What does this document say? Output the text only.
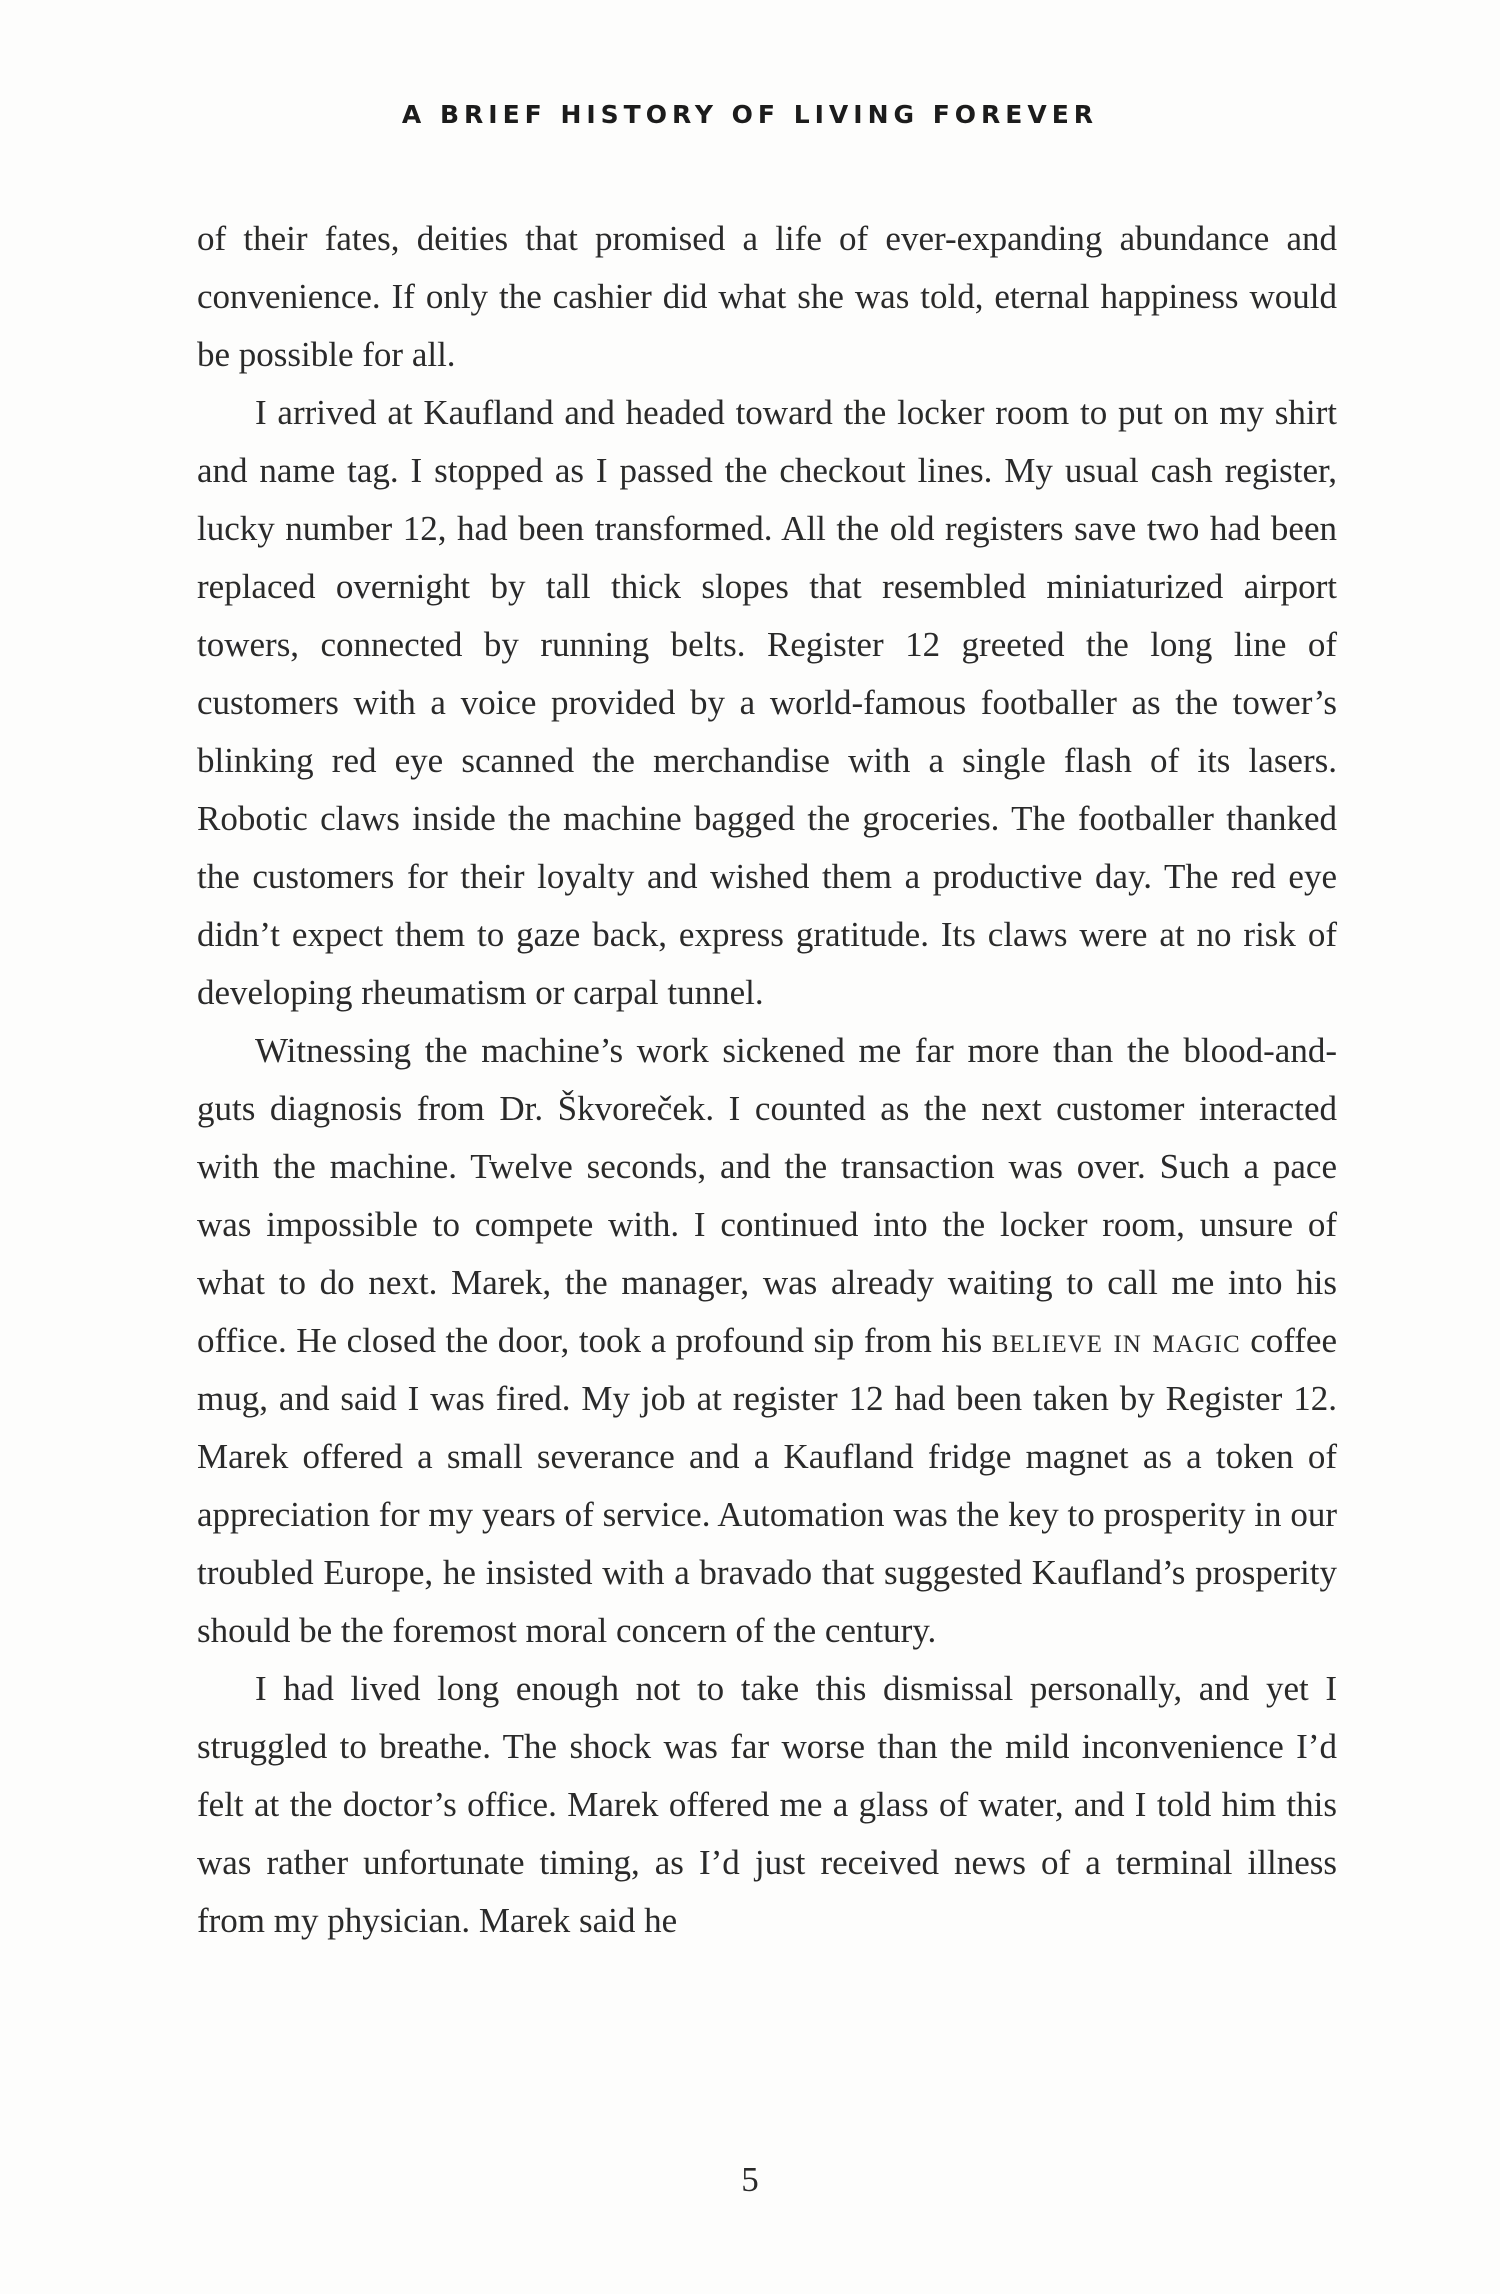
A BRIEF HISTORY OF LIVING FOREVER

of their fates, deities that promised a life of ever-expanding abundance and convenience. If only the cashier did what she was told, eternal happiness would be possible for all.

I arrived at Kaufland and headed toward the locker room to put on my shirt and name tag. I stopped as I passed the checkout lines. My usual cash register, lucky number 12, had been transformed. All the old registers save two had been replaced overnight by tall thick slopes that resembled miniaturized airport towers, connected by running belts. Register 12 greeted the long line of customers with a voice provided by a world-famous footballer as the tower’s blinking red eye scanned the merchandise with a single flash of its lasers. Robotic claws inside the machine bagged the groceries. The footballer thanked the customers for their loyalty and wished them a productive day. The red eye didn’t expect them to gaze back, express gratitude. Its claws were at no risk of developing rheumatism or carpal tunnel.

Witnessing the machine’s work sickened me far more than the blood-and-guts diagnosis from Dr. Škvoreček. I counted as the next customer interacted with the machine. Twelve seconds, and the transaction was over. Such a pace was impossible to compete with. I continued into the locker room, unsure of what to do next. Marek, the manager, was already waiting to call me into his office. He closed the door, took a profound sip from his believe in magic coffee mug, and said I was fired. My job at register 12 had been taken by Register 12. Marek offered a small severance and a Kaufland fridge magnet as a token of appreciation for my years of service. Automation was the key to prosperity in our troubled Europe, he insisted with a bravado that suggested Kaufland’s prosperity should be the foremost moral concern of the century.

I had lived long enough not to take this dismissal personally, and yet I struggled to breathe. The shock was far worse than the mild inconvenience I’d felt at the doctor’s office. Marek offered me a glass of water, and I told him this was rather unfortunate timing, as I’d just received news of a terminal illness from my physician. Marek said he

5
